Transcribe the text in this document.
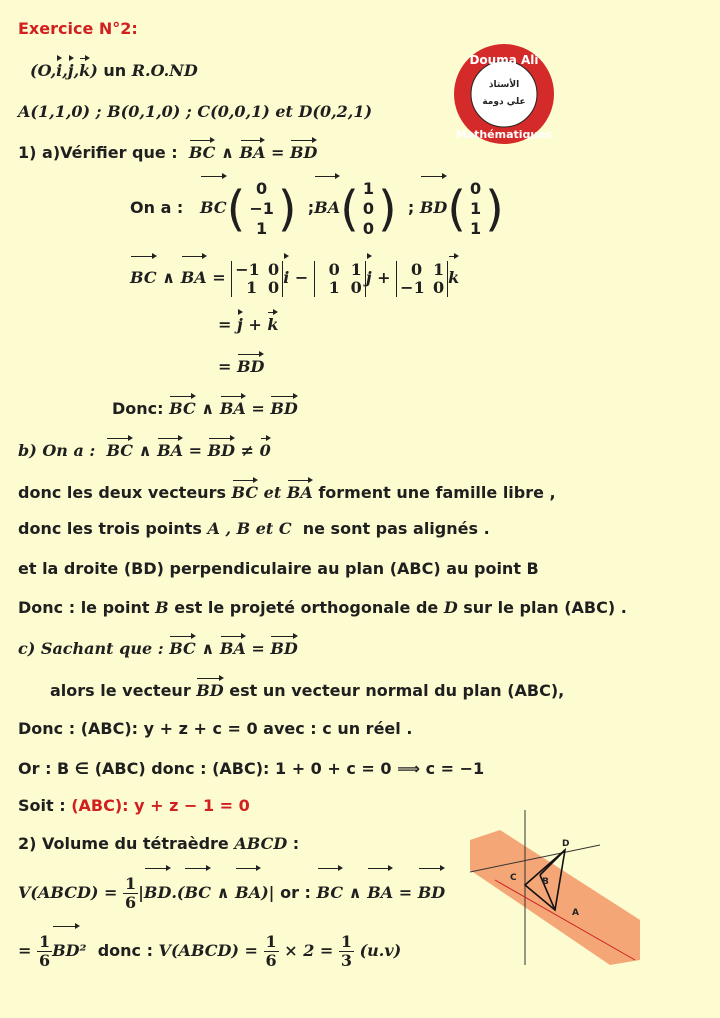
Exercice N°2:
(O,i,j,k) un R.O.ND
A(1,1,0) ; B(0,1,0) ; C(0,0,1) et D(0,2,1)
1) a)Vérifier que : BC ∧ BA = BD
On a : BC( 0
−1
1 )  ;BA( 1
0
0)  ; BD( 0
1
1)
BC ∧ BA = −1 0
1 0 i − 0 1
1 0 j + 0 1
−1 0 k
= j + k
= BD
Donc: BC ∧ BA = BD
b) On a : BC ∧ BA = BD ≠ 0
donc les deux vecteurs BC et BA forment une famille libre ,
donc les trois points A , B et C  ne sont pas alignés .
et la droite (BD) perpendiculaire au plan (ABC) au point B
Donc : le point B est le projeté orthogonale de D sur le plan (ABC) .
c) Sachant que : BC ∧ BA = BD
alors le vecteur BD est un vecteur normal du plan (ABC),
Donc : (ABC): y + z + c = 0 avec : c un réel .
Or : B ∈ (ABC) donc : (ABC): 1 + 0 + c = 0 ⟹ c = −1
Soit : (ABC): y + z − 1 = 0
2) Volume du tétraèdre ABCD :
V(ABCD) = $\frac{1}{6} |BD.(BC$ ∧ BA)| or : BC ∧ BA = BD
= $\frac{1}{6} BD^2$  donc : V(ABCD) = $\frac{1}{6} \times 2 = \frac{1}{3} (u.v)$
Douma Ali
الأستاذ
علي دومة
Mathématiques
D
C	B
A
